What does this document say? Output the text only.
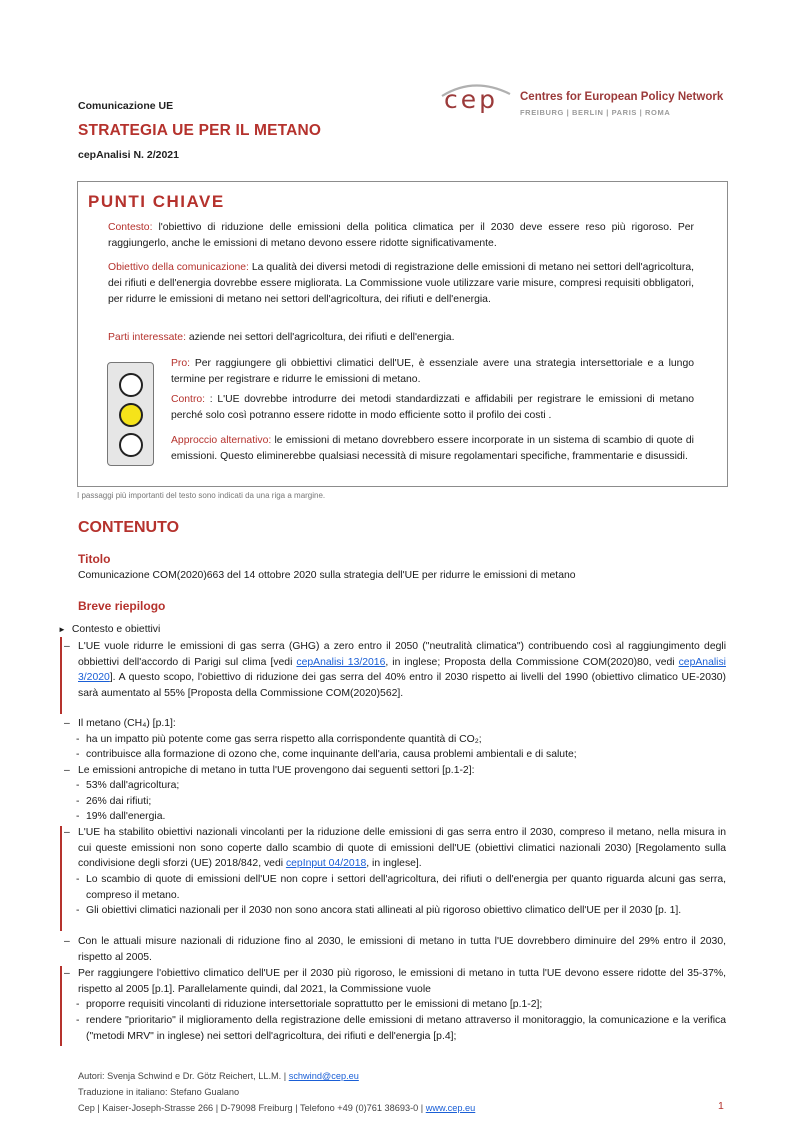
Comunicazione UE
STRATEGIA UE PER IL METANO
cepAnalisi N. 2/2021
cep Centres for European Policy Network
FREIBURG | BERLIN | PARIS | ROMA
PUNTI CHIAVE
Contesto: l'obiettivo di riduzione delle emissioni della politica climatica per il 2030 deve essere reso più rigoroso. Per raggiungerlo, anche le emissioni di metano devono essere ridotte significativamente.
Obiettivo della comunicazione: La qualità dei diversi metodi di registrazione delle emissioni di metano nei settori dell'agricoltura, dei rifiuti e dell'energia dovrebbe essere migliorata. La Commissione vuole utilizzare varie misure, compresi requisiti obbligatori, per ridurre le emissioni di metano nei settori dell'agricoltura, dei rifiuti e dell'energia.
Parti interessate: aziende nei settori dell'agricoltura, dei rifiuti e dell'energia.
Pro: Per raggiungere gli obbiettivi climatici dell'UE, è essenziale avere una strategia intersettoriale e a lungo termine per registrare e ridurre le emissioni di metano.
Contro: : L'UE dovrebbe introdurre dei metodi standardizzati e affidabili per registrare le emissioni di metano perché solo così potranno essere ridotte in modo efficiente sotto il profilo dei costi .
Approccio alternativo: le emissioni di metano dovrebbero essere incorporate in un sistema di scambio di quote di emissioni. Questo eliminerebbe qualsiasi necessità di misure regolamentari specifiche, frammentarie e disussidi.
I passaggi più importanti del testo sono indicati da una riga a margine.
CONTENUTO
Titolo
Comunicazione COM(2020)663 del 14 ottobre 2020 sulla strategia dell'UE per ridurre le emissioni di metano
Breve riepilogo
► Contesto e obiettivi
– L'UE vuole ridurre le emissioni di gas serra (GHG) a zero entro il 2050 ("neutralità climatica") contribuendo così al raggiungimento degli obbiettivi dell'accordo di Parigi sul clima [vedi cepAnalisi 13/2016, in inglese; Proposta della Commissione COM(2020)80, vedi cepAnalisi 3/2020]. A questo scopo, l'obiettivo di riduzione dei gas serra del 40% entro il 2030 rispetto ai livelli del 1990 (obiettivo climatico UE-2030) sarà aumentato al 55% [Proposta della Commissione COM(2020)562].
– Il metano (CH₄) [p.1]:
- ha un impatto più potente come gas serra rispetto alla corrispondente quantità di CO₂;
- contribuisce alla formazione di ozono che, come inquinante dell'aria, causa problemi ambientali e di salute;
– Le emissioni antropiche di metano in tutta l'UE provengono dai seguenti settori [p.1-2]:
- 53% dall'agricoltura;
- 26% dai rifiuti;
- 19% dall'energia.
– L'UE ha stabilito obiettivi nazionali vincolanti per la riduzione delle emissioni di gas serra entro il 2030, compreso il metano, nella misura in cui queste emissioni non sono coperte dallo scambio di quote di emissioni dell'UE (obiettivi climatici nazionali 2030) [Regolamento sulla condivisione degli sforzi (UE) 2018/842, vedi cepInput 04/2018, in inglese].
- Lo scambio di quote di emissioni dell'UE non copre i settori dell'agricoltura, dei rifiuti o dell'energia per quanto riguarda alcuni gas serra, compreso il metano.
- Gli obiettivi climatici nazionali per il 2030 non sono ancora stati allineati al più rigoroso obiettivo climatico dell'UE per il 2030 [p. 1].
– Con le attuali misure nazionali di riduzione fino al 2030, le emissioni di metano in tutta l'UE dovrebbero diminuire del 29% entro il 2030, rispetto al 2005.
– Per raggiungere l'obiettivo climatico dell'UE per il 2030 più rigoroso, le emissioni di metano in tutta l'UE devono essere ridotte del 35-37%, rispetto al 2005 [p.1]. Parallelamente quindi, dal 2021, la Commissione vuole
- proporre requisiti vincolanti di riduzione intersettoriale soprattutto per le emissioni di metano [p.1-2];
- rendere "prioritario" il miglioramento della registrazione delle emissioni di metano attraverso il monitoraggio, la comunicazione e la verifica ("metodi MRV" in inglese) nei settori dell'agricoltura, dei rifiuti e dell'energia [p.4];
Autori: Svenja Schwind e Dr. Götz Reichert, LL.M. | schwind@cep.eu
Traduzione in italiano: Stefano Gualano
Cep | Kaiser-Joseph-Strasse 266 | D-79098 Freiburg | Telefono +49 (0)761 38693-0 | www.cep.eu	1
